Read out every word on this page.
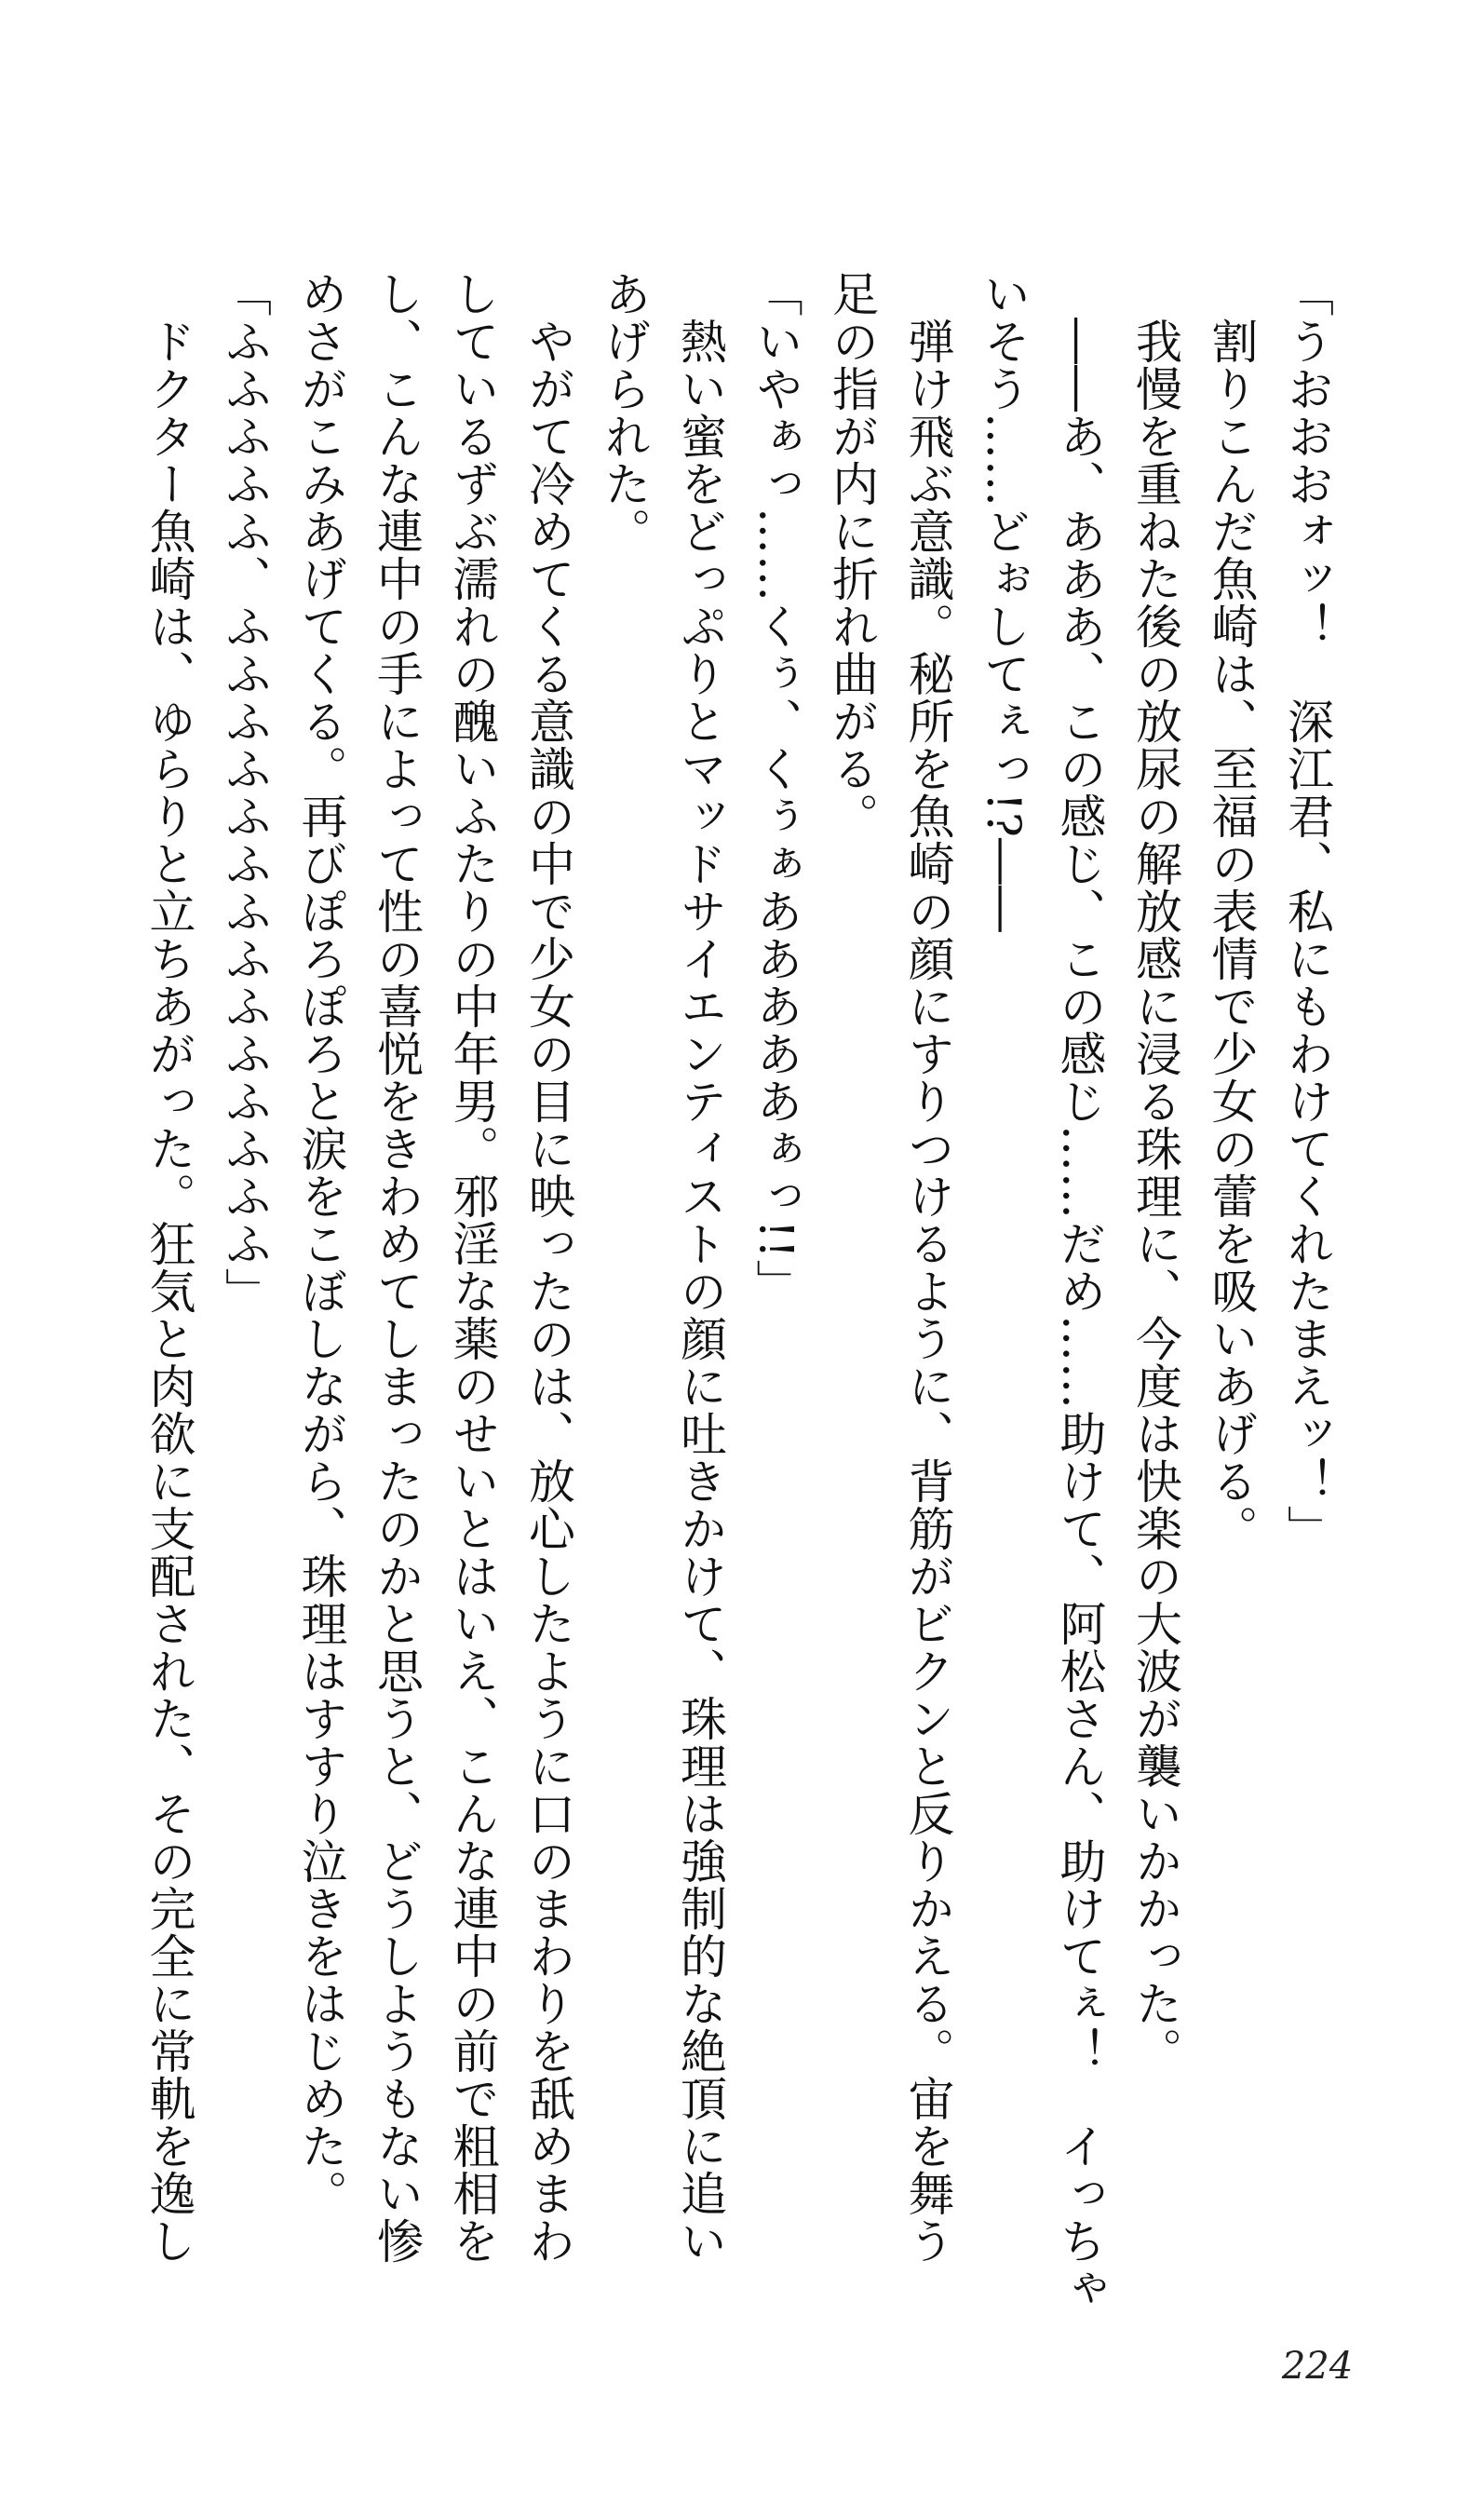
「うおおおォッ！　深江君、私にもわけてくれたまえッ！」

　割りこんだ魚崎は、至福の表情で少女の蕾を吸いあげる。

　我慢を重ねた後の放尿の解放感に浸る珠理に、今度は快楽の大波が襲いかかった。

　――あ、あああ、この感じ、この感じ……だめ……助けて、阿松さん、助けてぇ！　イっちゃ

いそう……どぉしてぇっ!?――

　弾け飛ぶ意識。秘所を魚崎の顔にすりつけるように、背筋がビクンと反りかえる。宙を舞う

足の指が内に折れ曲がる。

「いやぁっ……くぅ、くぅぁあああああぁっ!!」

　熱い蜜をどっぷりとマッドサイエンティストの顔に吐きかけて、珠理は強制的な絶頂に追い

あげられた。

　やがて冷めてくる意識の中で少女の目に映ったのは、放心したように口のまわりを舐めまわ

しているずぶ濡れの醜いふたりの中年男。邪淫な薬のせいとはいえ、こんな連中の前で粗相を

し、こんな連中の手によって性の喜悦をきわめてしまったのかと思うと、どうしようもない惨

めさがこみあげてくる。再びぽろぽろと涙をこぼしながら、珠理はすすり泣きをはじめた。

「ふふふふふ、ふふふふふふふふふふふふふふ」

　ドクター魚崎は、ゆらりと立ちあがった。狂気と肉欲に支配された、その完全に常軌を逸し

224
